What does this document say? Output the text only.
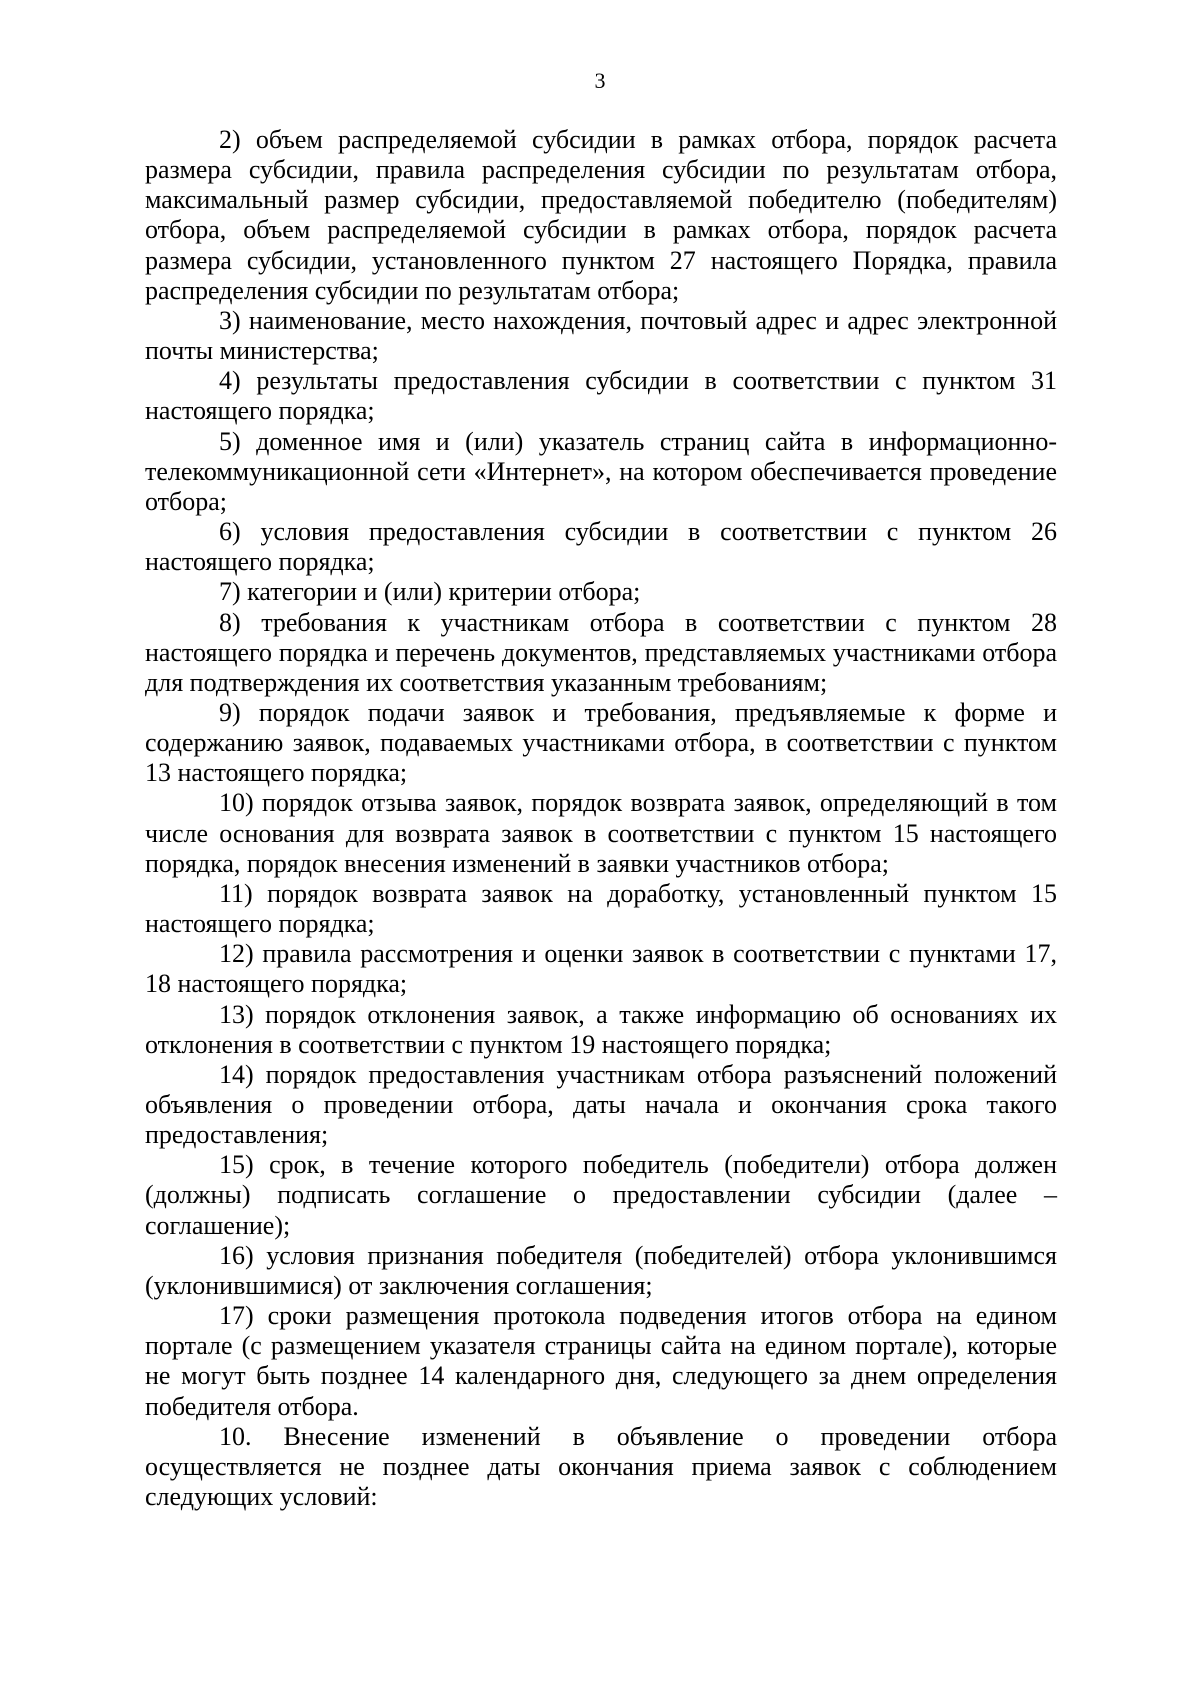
3

2) объем распределяемой субсидии в рамках отбора, порядок расчета размера субсидии, правила распределения субсидии по результатам отбора, максимальный размер субсидии, предоставляемой победителю (победителям) отбора, объем распределяемой субсидии в рамках отбора, порядок расчета размера субсидии, установленного пунктом 27 настоящего Порядка, правила распределения субсидии по результатам отбора;

3) наименование, место нахождения, почтовый адрес и адрес электронной почты министерства;

4) результаты предоставления субсидии в соответствии с пунктом 31 настоящего порядка;

5) доменное имя и (или) указатель страниц сайта в информационно-телекоммуникационной сети «Интернет», на котором обеспечивается проведение отбора;

6) условия предоставления субсидии в соответствии с пунктом 26 настоящего порядка;

7) категории и (или) критерии отбора;

8) требования к участникам отбора в соответствии с пунктом 28 настоящего порядка и перечень документов, представляемых участниками отбора для подтверждения их соответствия указанным требованиям;

9) порядок подачи заявок и требования, предъявляемые к форме и содержанию заявок, подаваемых участниками отбора, в соответствии с пунктом 13 настоящего порядка;

10) порядок отзыва заявок, порядок возврата заявок, определяющий в том числе основания для возврата заявок в соответствии с пунктом 15 настоящего порядка, порядок внесения изменений в заявки участников отбора;

11) порядок возврата заявок на доработку, установленный пунктом 15 настоящего порядка;

12) правила рассмотрения и оценки заявок в соответствии с пунктами 17, 18 настоящего порядка;

13) порядок отклонения заявок, а также информацию об основаниях их отклонения в соответствии с пунктом 19 настоящего порядка;

14) порядок предоставления участникам отбора разъяснений положений объявления о проведении отбора, даты начала и окончания срока такого предоставления;

15) срок, в течение которого победитель (победители) отбора должен (должны) подписать соглашение о предоставлении субсидии (далее – соглашение);

16) условия признания победителя (победителей) отбора уклонившимся (уклонившимися) от заключения соглашения;

17) сроки размещения протокола подведения итогов отбора на едином портале (с размещением указателя страницы сайта на едином портале), которые не могут быть позднее 14 календарного дня, следующего за днем определения победителя отбора.

10. Внесение изменений в объявление о проведении отбора осуществляется не позднее даты окончания приема заявок с соблюдением следующих условий:
